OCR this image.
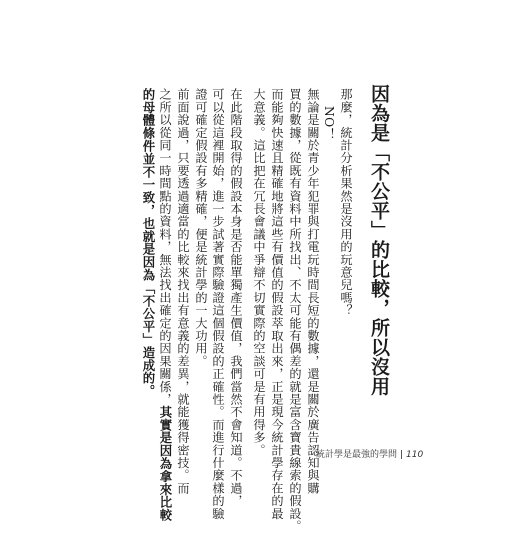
因為是「不公平」的比較，所以沒用
那麼，統計分析果然是沒用的玩意兒嗎？
NO！
無論是關於青少年犯罪與打電玩時間長短的數據，還是關於廣告認知與購
買的數據，從既有資料中所找出、不太可能有偶差的就是富含寶貴線索的假設。
而能夠快速且精確地將這些有價值的假設萃取出來，正是現今統計學存在的最
大意義。這比把在冗長會議中爭辯不切實際的空談可是有用得多。
在此階段取得的假設本身是否能單獨產生價值，我們當然不會知道。不過，
可以從這裡開始，進一步試著實際驗證這個假設的正確性。而進行什麼樣的驗
證可確定假設有多精確，便是統計學的一大功用。
前面說過，只要透過適當的比較來找出有意義的差異，就能獲得密技。而
之所以從同一時間點的資料，無法找出確定的因果關係，其實是因為拿來比較
的母體條件並不一致，也就是因為「不公平」造成的。
統計學是最強的學問 110
